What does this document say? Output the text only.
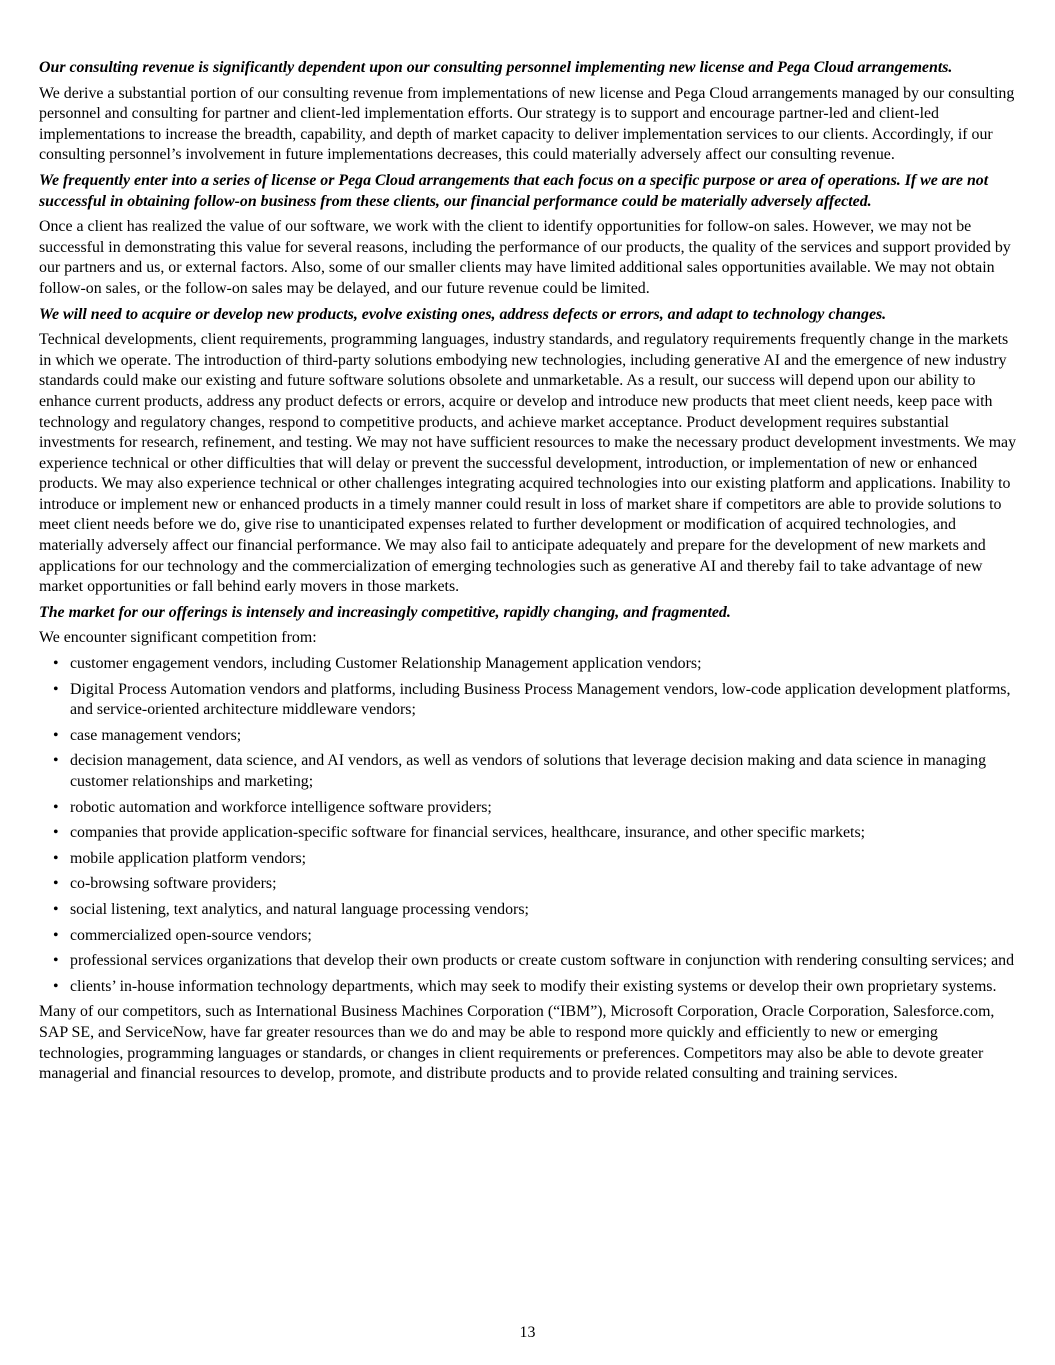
Our consulting revenue is significantly dependent upon our consulting personnel implementing new license and Pega Cloud arrangements.

We derive a substantial portion of our consulting revenue from implementations of new license and Pega Cloud arrangements managed by our consulting personnel and consulting for partner and client-led implementation efforts. Our strategy is to support and encourage partner-led and client-led implementations to increase the breadth, capability, and depth of market capacity to deliver implementation services to our clients. Accordingly, if our consulting personnel’s involvement in future implementations decreases, this could materially adversely affect our consulting revenue.

We frequently enter into a series of license or Pega Cloud arrangements that each focus on a specific purpose or area of operations. If we are not successful in obtaining follow-on business from these clients, our financial performance could be materially adversely affected.

Once a client has realized the value of our software, we work with the client to identify opportunities for follow-on sales. However, we may not be successful in demonstrating this value for several reasons, including the performance of our products, the quality of the services and support provided by our partners and us, or external factors. Also, some of our smaller clients may have limited additional sales opportunities available. We may not obtain follow-on sales, or the follow-on sales may be delayed, and our future revenue could be limited.

We will need to acquire or develop new products, evolve existing ones, address defects or errors, and adapt to technology changes.

Technical developments, client requirements, programming languages, industry standards, and regulatory requirements frequently change in the markets in which we operate. The introduction of third-party solutions embodying new technologies, including generative AI and the emergence of new industry standards could make our existing and future software solutions obsolete and unmarketable. As a result, our success will depend upon our ability to enhance current products, address any product defects or errors, acquire or develop and introduce new products that meet client needs, keep pace with technology and regulatory changes, respond to competitive products, and achieve market acceptance. Product development requires substantial investments for research, refinement, and testing. We may not have sufficient resources to make the necessary product development investments. We may experience technical or other difficulties that will delay or prevent the successful development, introduction, or implementation of new or enhanced products. We may also experience technical or other challenges integrating acquired technologies into our existing platform and applications. Inability to introduce or implement new or enhanced products in a timely manner could result in loss of market share if competitors are able to provide solutions to meet client needs before we do, give rise to unanticipated expenses related to further development or modification of acquired technologies, and materially adversely affect our financial performance. We may also fail to anticipate adequately and prepare for the development of new markets and applications for our technology and the commercialization of emerging technologies such as generative AI and thereby fail to take advantage of new market opportunities or fall behind early movers in those markets.

The market for our offerings is intensely and increasingly competitive, rapidly changing, and fragmented.

We encounter significant competition from:

• customer engagement vendors, including Customer Relationship Management application vendors;
• Digital Process Automation vendors and platforms, including Business Process Management vendors, low-code application development platforms, and service-oriented architecture middleware vendors;
• case management vendors;
• decision management, data science, and AI vendors, as well as vendors of solutions that leverage decision making and data science in managing customer relationships and marketing;
• robotic automation and workforce intelligence software providers;
• companies that provide application-specific software for financial services, healthcare, insurance, and other specific markets;
• mobile application platform vendors;
• co-browsing software providers;
• social listening, text analytics, and natural language processing vendors;
• commercialized open-source vendors;
• professional services organizations that develop their own products or create custom software in conjunction with rendering consulting services; and
• clients’ in-house information technology departments, which may seek to modify their existing systems or develop their own proprietary systems.

Many of our competitors, such as International Business Machines Corporation (“IBM”), Microsoft Corporation, Oracle Corporation, Salesforce.com, SAP SE, and ServiceNow, have far greater resources than we do and may be able to respond more quickly and efficiently to new or emerging technologies, programming languages or standards, or changes in client requirements or preferences. Competitors may also be able to devote greater managerial and financial resources to develop, promote, and distribute products and to provide related consulting and training services.

13
